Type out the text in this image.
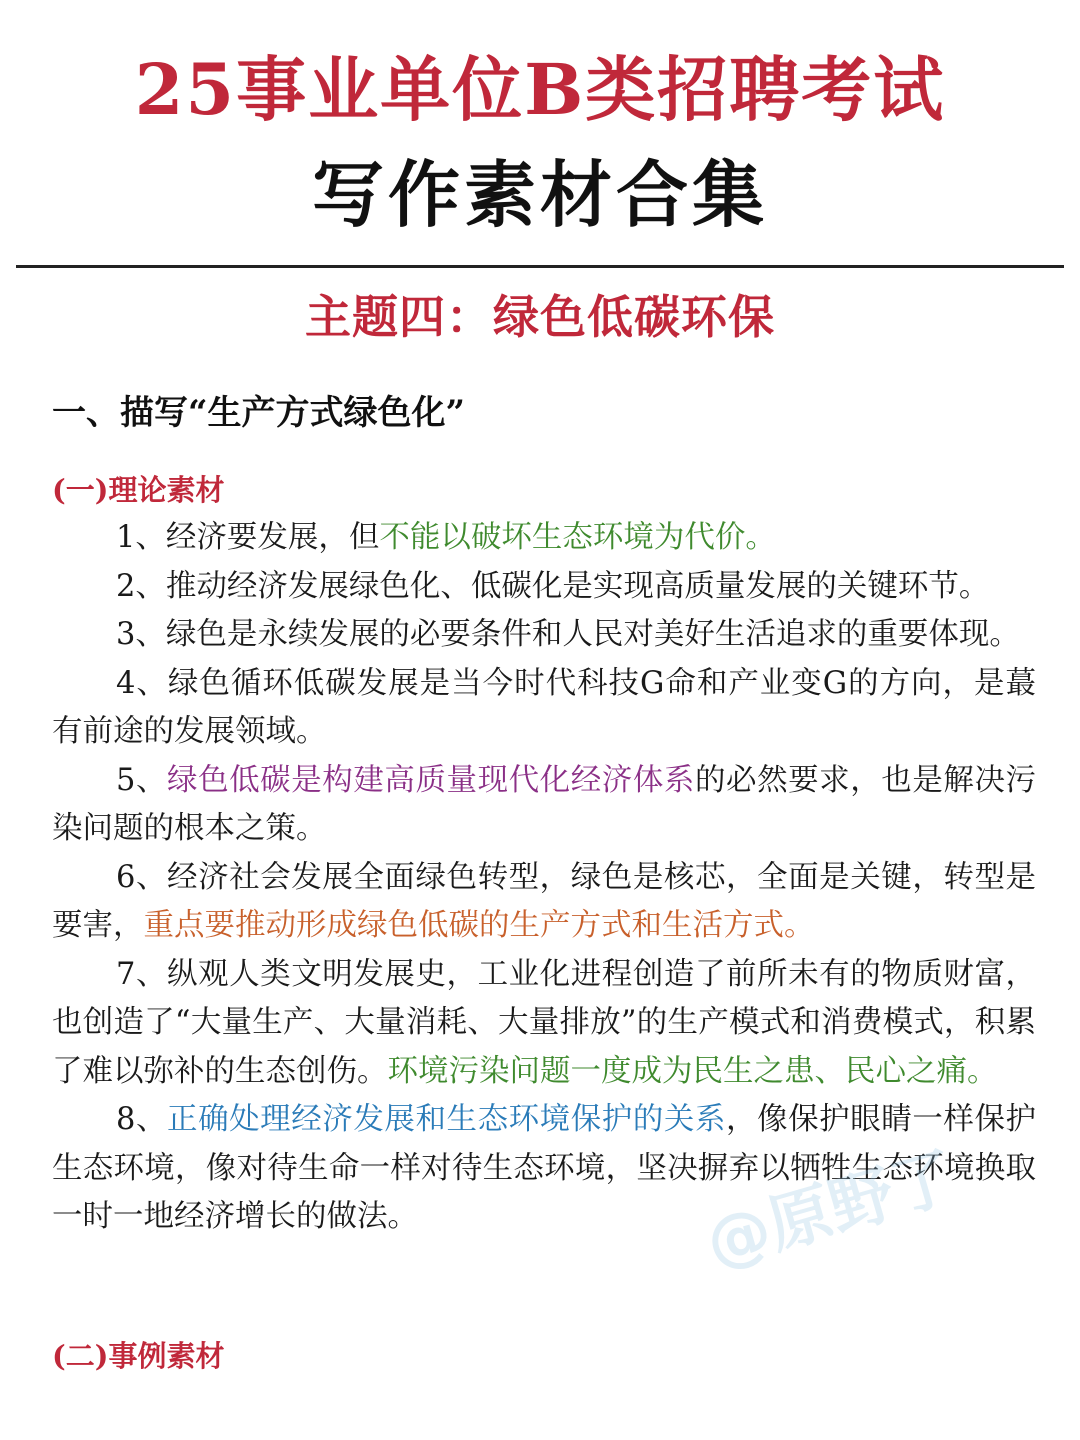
25事业单位B类招聘考试
写作素材合集
主题四：绿色低碳环保
一、描写“生产方式绿色化”
(一)理论素材

1、经济要发展，但不能以破坏生态环境为代价。

2、推动经济发展绿色化、低碳化是实现高质量发展的关键环节。

3、绿色是永续发展的必要条件和人民对美好生活追求的重要体现。

4、绿色循环低碳发展是当今时代科技G命和产业变G的方向，是蕞有前途的发展领域。

5、绿色低碳是构建高质量现代化经济体系的必然要求，也是解决污染问题的根本之策。

6、经济社会发展全面绿色转型，绿色是核芯，全面是关键，转型是要害，重点要推动形成绿色低碳的生产方式和生活方式。

7、纵观人类文明发展史，工业化进程创造了前所未有的物质财富，也创造了“大量生产、大量消耗、大量排放”的生产模式和消费模式，积累了难以弥补的生态创伤。环境污染问题一度成为民生之患、民心之痛。

8、正确处理经济发展和生态环境保护的关系，像保护眼睛一样保护生态环境，像对待生命一样对待生态环境，坚决摒弃以牺牲生态环境换取一时一地经济增长的做法。

(二)事例素材
@原野了
